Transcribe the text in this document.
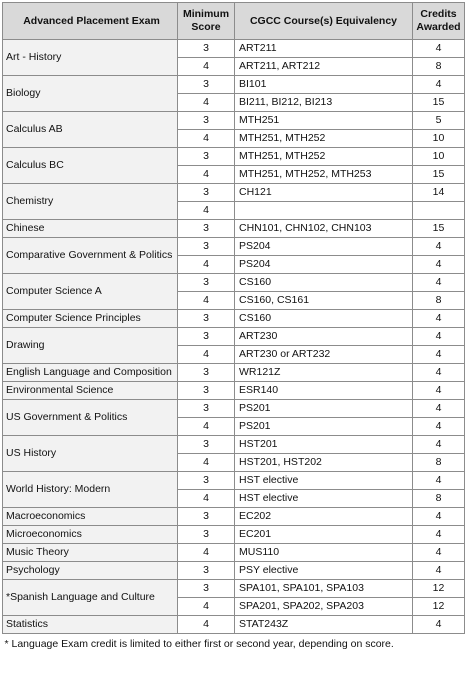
Advanced Placement Exam	Minimum Score	CGCC Course(s) Equivalency	Credits Awarded
Art - History	3	ART211	4
	4	ART211, ART212	8
Biology	3	BI101	4
	4	BI211, BI212, BI213	15
Calculus AB	3	MTH251	5
	4	MTH251, MTH252	10
Calculus BC	3	MTH251, MTH252	10
	4	MTH251, MTH252, MTH253	15
Chemistry	3	CH121	14
	4		
Chinese	3	CHN101, CHN102, CHN103	15
Comparative Government & Politics	3	PS204	4
	4	PS204	4
Computer Science A	3	CS160	4
	4	CS160, CS161	8
Computer Science Principles	3	CS160	4
Drawing	3	ART230	4
	4	ART230 or ART232	4
English Language and Composition	3	WR121Z	4
Environmental Science	3	ESR140	4
US Government & Politics	3	PS201	4
	4	PS201	4
US History	3	HST201	4
	4	HST201, HST202	8
World History: Modern	3	HST elective	4
	4	HST elective	8
Macroeconomics	3	EC202	4
Microeconomics	3	EC201	4
Music Theory	4	MUS110	4
Psychology	3	PSY elective	4
*Spanish Language and Culture	3	SPA101, SPA101, SPA103	12
	4	SPA201, SPA202, SPA203	12
Statistics	4	STAT243Z	4
* Language Exam credit is limited to either first or second year, depending on score.			
